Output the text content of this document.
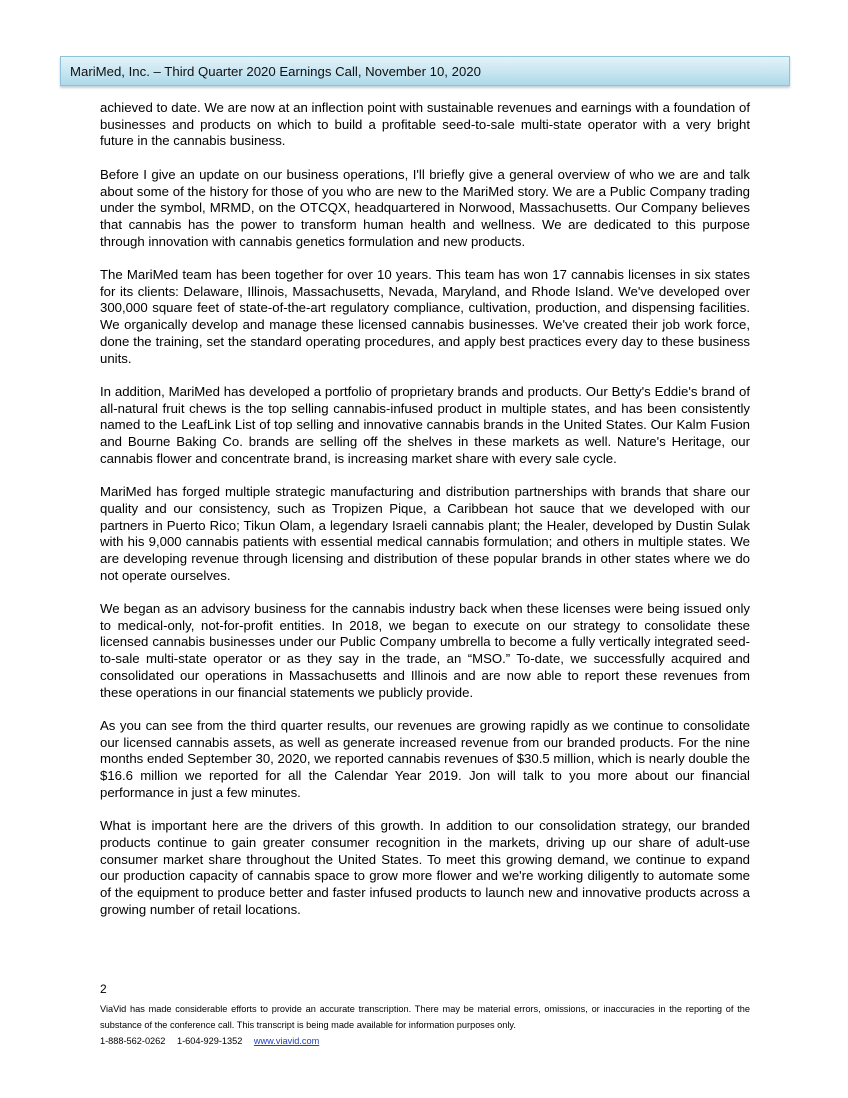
MariMed, Inc. – Third Quarter 2020 Earnings Call, November 10, 2020

achieved to date. We are now at an inflection point with sustainable revenues and earnings with a foundation of businesses and products on which to build a profitable seed-to-sale multi-state operator with a very bright future in the cannabis business.

Before I give an update on our business operations, I'll briefly give a general overview of who we are and talk about some of the history for those of you who are new to the MariMed story. We are a Public Company trading under the symbol, MRMD, on the OTCQX, headquartered in Norwood, Massachusetts. Our Company believes that cannabis has the power to transform human health and wellness. We are dedicated to this purpose through innovation with cannabis genetics formulation and new products.

The MariMed team has been together for over 10 years. This team has won 17 cannabis licenses in six states for its clients: Delaware, Illinois, Massachusetts, Nevada, Maryland, and Rhode Island. We've developed over 300,000 square feet of state-of-the-art regulatory compliance, cultivation, production, and dispensing facilities. We organically develop and manage these licensed cannabis businesses. We've created their job work force, done the training, set the standard operating procedures, and apply best practices every day to these business units.

In addition, MariMed has developed a portfolio of proprietary brands and products. Our Betty's Eddie's brand of all-natural fruit chews is the top selling cannabis-infused product in multiple states, and has been consistently named to the LeafLink List of top selling and innovative cannabis brands in the United States. Our Kalm Fusion and Bourne Baking Co. brands are selling off the shelves in these markets as well. Nature's Heritage, our cannabis flower and concentrate brand, is increasing market share with every sale cycle.

MariMed has forged multiple strategic manufacturing and distribution partnerships with brands that share our quality and our consistency, such as Tropizen Pique, a Caribbean hot sauce that we developed with our partners in Puerto Rico; Tikun Olam, a legendary Israeli cannabis plant; the Healer, developed by Dustin Sulak with his 9,000 cannabis patients with essential medical cannabis formulation; and others in multiple states. We are developing revenue through licensing and distribution of these popular brands in other states where we do not operate ourselves.

We began as an advisory business for the cannabis industry back when these licenses were being issued only to medical-only, not-for-profit entities. In 2018, we began to execute on our strategy to consolidate these licensed cannabis businesses under our Public Company umbrella to become a fully vertically integrated seed-to-sale multi-state operator or as they say in the trade, an “MSO.” To-date, we successfully acquired and consolidated our operations in Massachusetts and Illinois and are now able to report these revenues from these operations in our financial statements we publicly provide.

As you can see from the third quarter results, our revenues are growing rapidly as we continue to consolidate our licensed cannabis assets, as well as generate increased revenue from our branded products. For the nine months ended September 30, 2020, we reported cannabis revenues of $30.5 million, which is nearly double the $16.6 million we reported for all the Calendar Year 2019. Jon will talk to you more about our financial performance in just a few minutes.

What is important here are the drivers of this growth. In addition to our consolidation strategy, our branded products continue to gain greater consumer recognition in the markets, driving up our share of adult-use consumer market share throughout the United States. To meet this growing demand, we continue to expand our production capacity of cannabis space to grow more flower and we're working diligently to automate some of the equipment to produce better and faster infused products to launch new and innovative products across a growing number of retail locations.

2
ViaVid has made considerable efforts to provide an accurate transcription. There may be material errors, omissions, or inaccuracies in the reporting of the substance of the conference call. This transcript is being made available for information purposes only.
1-888-562-0262 1-604-929-1352 www.viavid.com
